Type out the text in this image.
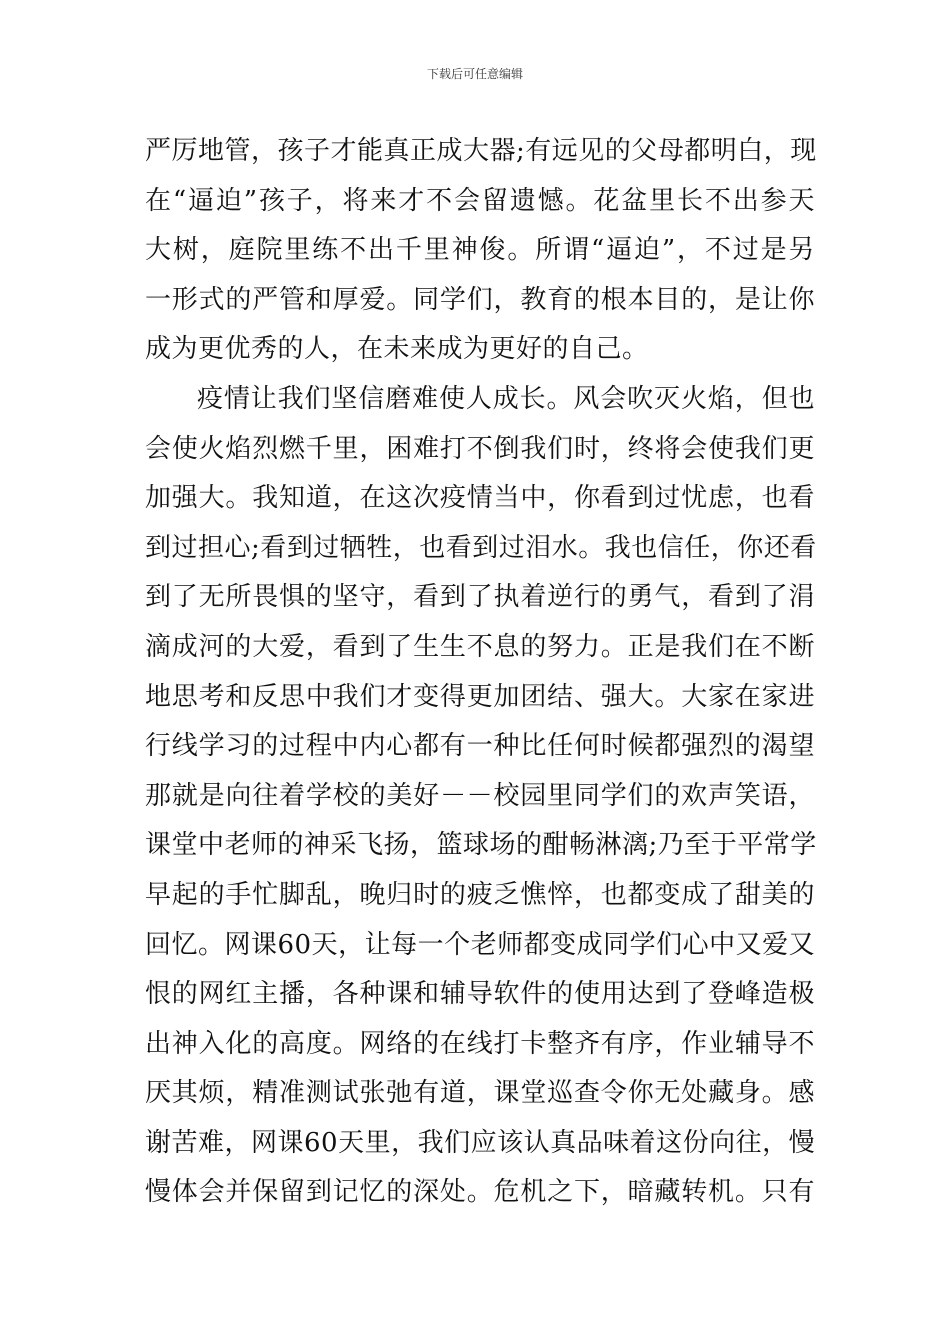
下载后可任意编辑
严厉地管，孩子才能真正成大器;有远见的父母都明白，现
在“逼迫”孩子，将来才不会留遗憾。花盆里长不出参天
大树，庭院里练不出千里神俊。所谓“逼迫”，不过是另
一形式的严管和厚爱。同学们，教育的根本目的，是让你
成为更优秀的人，在未来成为更好的自己。
疫情让我们坚信磨难使人成长。风会吹灭火焰，但也
会使火焰烈燃千里，困难打不倒我们时，终将会使我们更
加强大。我知道，在这次疫情当中，你看到过忧虑，也看
到过担心;看到过牺牲，也看到过泪水。我也信任，你还看
到了无所畏惧的坚守，看到了执着逆行的勇气，看到了涓
滴成河的大爱，看到了生生不息的努力。正是我们在不断
地思考和反思中我们才变得更加团结、强大。大家在家进
行线学习的过程中内心都有一种比任何时候都强烈的渴望
那就是向往着学校的美好－－校园里同学们的欢声笑语，
课堂中老师的神采飞扬，篮球场的酣畅淋漓;乃至于平常学
早起的手忙脚乱，晚归时的疲乏憔悴，也都变成了甜美的
回忆。网课60天，让每一个老师都变成同学们心中又爱又
恨的网红主播，各种课和辅导软件的使用达到了登峰造极
出神入化的高度。网络的在线打卡整齐有序，作业辅导不
厌其烦，精准测试张弛有道，课堂巡查令你无处藏身。感
谢苦难，网课60天里，我们应该认真品味着这份向往，慢
慢体会并保留到记忆的深处。危机之下，暗藏转机。只有
